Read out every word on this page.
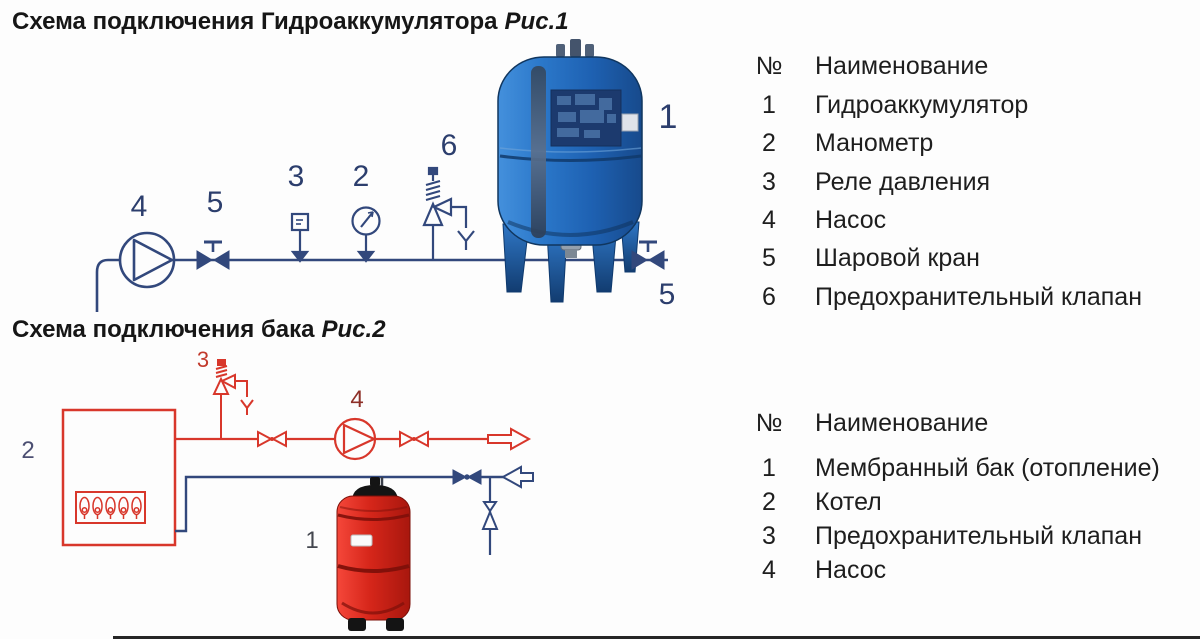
Схема подключения Гидроаккумулятора Рис.1
4 5
3 2
6
1
5
Схема подключения бака Рис.2
3
4
2
1
№	Наименование
1	Гидроаккумулятор
2	Манометр
3	Реле давления
4	Насос
5	Шаровой кран
6	Предохранительный клапан
№	Наименование
1	Мембранный бак (отопление)
2	Котел
3	Предохранительный клапан
4	Насос
